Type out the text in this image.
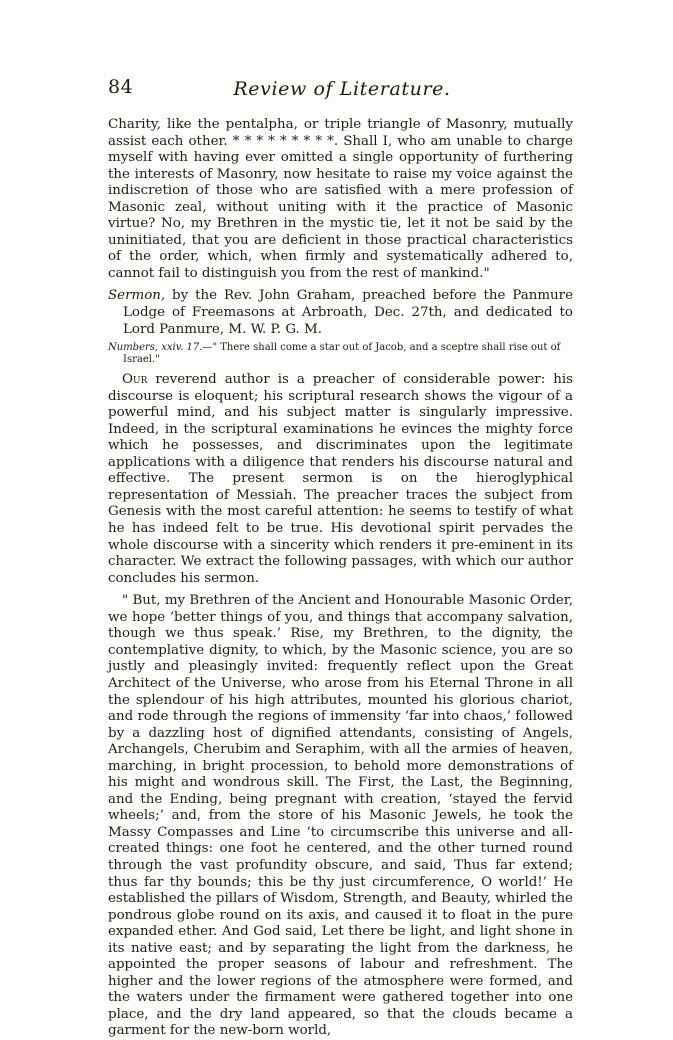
84	Review of Literature.

Charity, like the pentalpha, or triple triangle of Masonry, mutually assist each other. * * * * * * * * *. Shall I, who am unable to charge myself with having ever omitted a single opportunity of furthering the interests of Masonry, now hesitate to raise my voice against the indiscretion of those who are satisfied with a mere profession of Masonic zeal, without uniting with it the practice of Masonic virtue? No, my Brethren in the mystic tie, let it not be said by the uninitiated, that you are deficient in those practical characteristics of the order, which, when firmly and systematically adhered to, cannot fail to distinguish you from the rest of mankind."

Sermon, by the Rev. John Graham, preached before the Panmure Lodge of Freemasons at Arbroath, Dec. 27th, and dedicated to Lord Panmure, M. W. P. G. M.

Numbers, xxiv. 17.—" There shall come a star out of Jacob, and a sceptre shall rise out of Israel."

Our reverend author is a preacher of considerable power: his discourse is eloquent; his scriptural research shows the vigour of a powerful mind, and his subject matter is singularly impressive. Indeed, in the scriptural examinations he evinces the mighty force which he possesses, and discriminates upon the legitimate applications with a diligence that renders his discourse natural and effective. The present sermon is on the hieroglyphical representation of Messiah. The preacher traces the subject from Genesis with the most careful attention: he seems to testify of what he has indeed felt to be true. His devotional spirit pervades the whole discourse with a sincerity which renders it pre-eminent in its character. We extract the following passages, with which our author concludes his sermon.

" But, my Brethren of the Ancient and Honourable Masonic Order, we hope ‘better things of you, and things that accompany salvation, though we thus speak.’ Rise, my Brethren, to the dignity, the contemplative dignity, to which, by the Masonic science, you are so justly and pleasingly invited: frequently reflect upon the Great Architect of the Universe, who arose from his Eternal Throne in all the splendour of his high attributes, mounted his glorious chariot, and rode through the regions of immensity ‘far into chaos,’ followed by a dazzling host of dignified attendants, consisting of Angels, Archangels, Cherubim and Seraphim, with all the armies of heaven, marching, in bright procession, to behold more demonstrations of his might and wondrous skill. The First, the Last, the Beginning, and the Ending, being pregnant with creation, ‘stayed the fervid wheels;’ and, from the store of his Masonic Jewels, he took the Massy Compasses and Line ‘to circumscribe this universe and all-created things: one foot he centered, and the other turned round through the vast profundity obscure, and said, Thus far extend; thus far thy bounds; this be thy just circumference, O world!’ He established the pillars of Wisdom, Strength, and Beauty, whirled the pondrous globe round on its axis, and caused it to float in the pure expanded ether. And God said, Let there be light, and light shone in its native east; and by separating the light from the darkness, he appointed the proper seasons of labour and refreshment. The higher and the lower regions of the atmosphere were formed, and the waters under the firmament were gathered together into one place, and the dry land appeared, so that the clouds became a garment for the new-born world,
